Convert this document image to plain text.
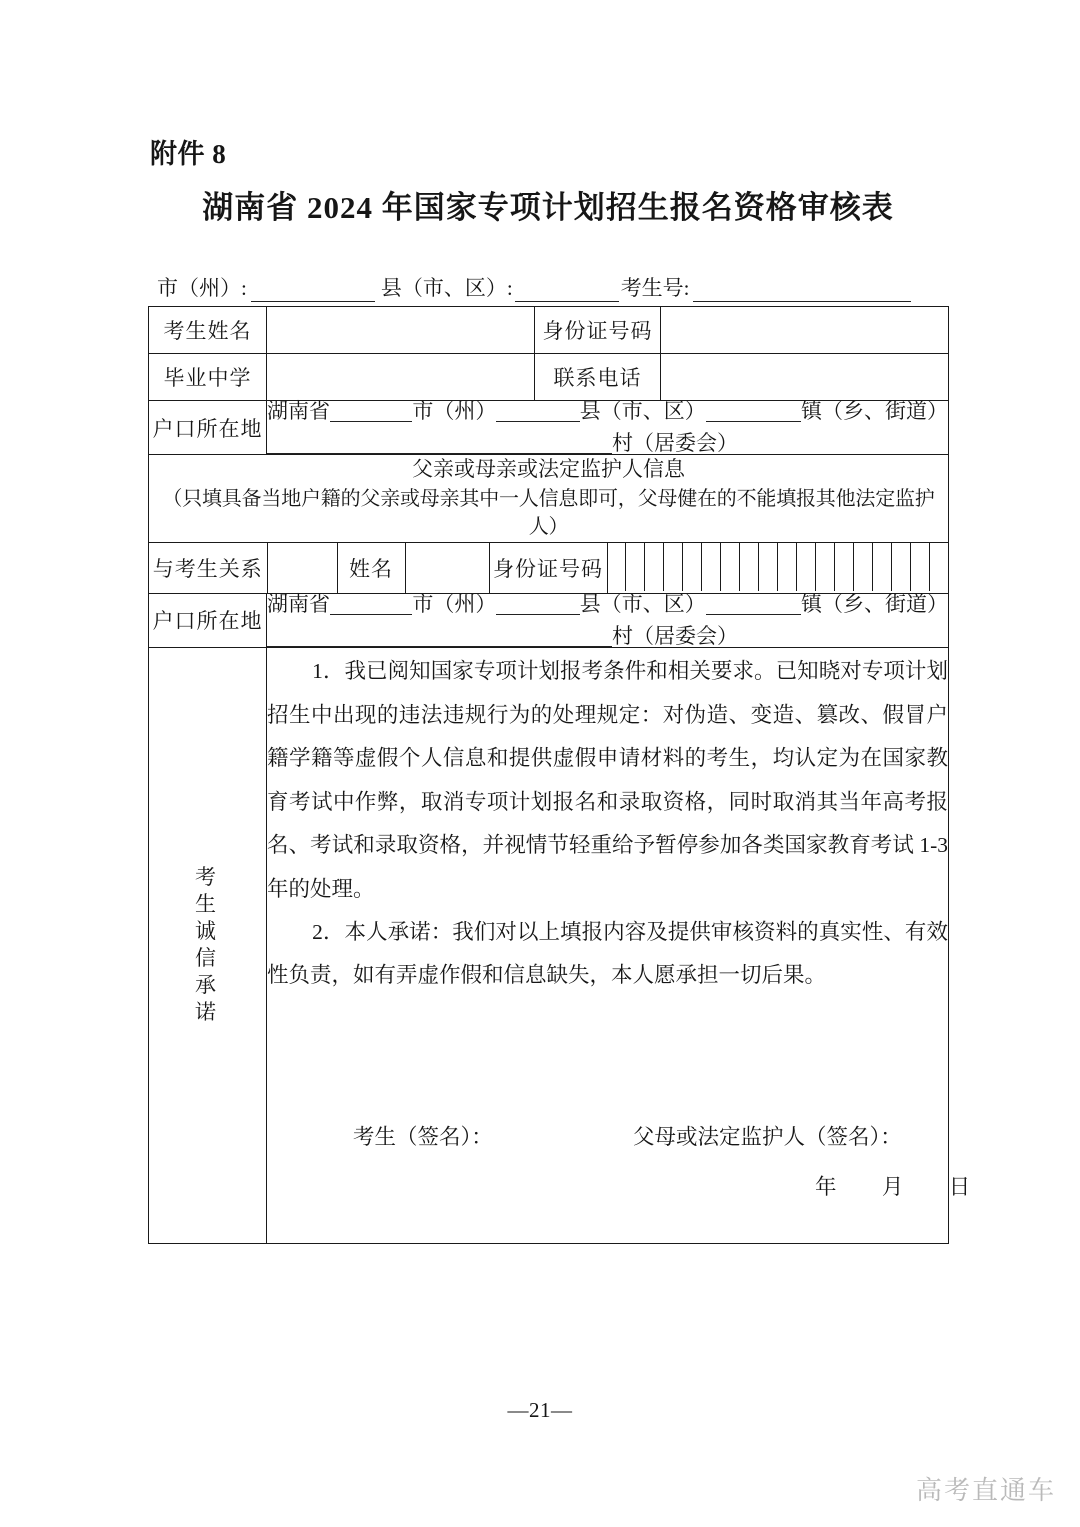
附件 8
湖南省 2024 年国家专项计划招生报名资格审核表
市（州）:	县（市、区）:	考生号:
考生姓名		身份证号码	
毕业中学		联系电话	
户口所在地	
湖南省	市（州）	县（市、区）	镇（乡、街道）
村（居委会）

父亲或母亲或法定监护人信息
（只填具备当地户籍的父亲或母亲其中一人信息即可，父母健在的不能填报其他法定监护人）

与考生关系		姓名		身份证号码	

户口所在地	
湖南省	市（州）	县（市、区）	镇（乡、街道）
村（居委会）

考生诚信承诺	

1．我已阅知国家专项计划报考条件和相关要求。已知晓对专项计划招生中出现的违法违规行为的处理规定：对伪造、变造、篡改、假冒户籍学籍等虚假个人信息和提供虚假申请材料的考生，均认定为在国家教育考试中作弊，取消专项计划报名和录取资格，同时取消其当年高考报名、考试和录取资格，并视情节轻重给予暂停参加各类国家教育考试 1-3 年的处理。

2．本人承诺：我们对以上填报内容及提供审核资料的真实性、有效性负责，如有弄虚作假和信息缺失，本人愿承担一切后果。

考生（签名）：	父母或法定监护人（签名）：
年 月 日
—21—
高考直通车
